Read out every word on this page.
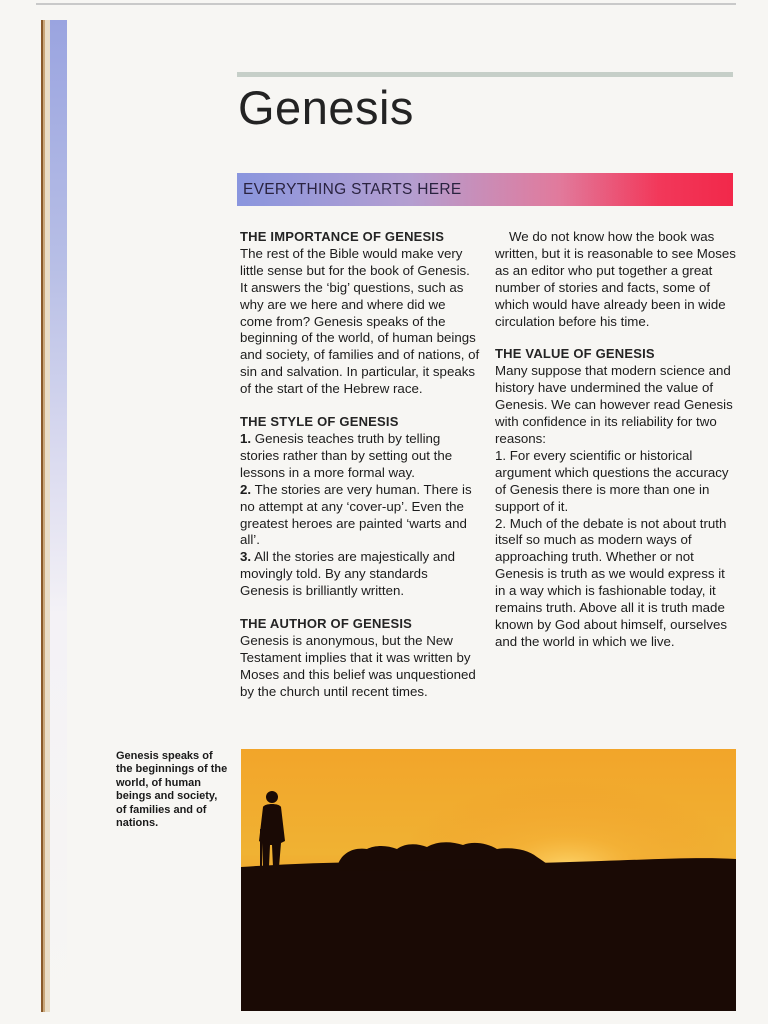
Genesis
EVERYTHING STARTS HERE
THE IMPORTANCE OF GENESIS

The rest of the Bible would make very little sense but for the book of Genesis. It answers the ‘big’ questions, such as why are we here and where did we come from? Genesis speaks of the beginning of the world, of human beings and society, of families and of nations, of sin and salvation. In particular, it speaks of the start of the Hebrew race.

THE STYLE OF GENESIS

1. Genesis teaches truth by telling stories rather than by setting out the lessons in a more formal way.

2. The stories are very human. There is no attempt at any ‘cover-up’. Even the greatest heroes are painted ‘warts and all’.

3. All the stories are majestically and movingly told. By any standards Genesis is brilliantly written.

THE AUTHOR OF GENESIS

Genesis is anonymous, but the New Testament implies that it was written by Moses and this belief was unquestioned by the church until recent times.

We do not know how the book was written, but it is reasonable to see Moses as an editor who put together a great number of stories and facts, some of which would have already been in wide circulation before his time.

THE VALUE OF GENESIS

Many suppose that modern science and history have undermined the value of Genesis. We can however read Genesis with confidence in its reliability for two reasons:

1. For every scientific or historical argument which questions the accuracy of Genesis there is more than one in support of it.

2. Much of the debate is not about truth itself so much as modern ways of approaching truth. Whether or not Genesis is truth as we would express it in a way which is fashionable today, it remains truth. Above all it is truth made known by God about himself, ourselves and the world in which we live.

Genesis speaks of the beginnings of the world, of human beings and society, of families and of nations.
